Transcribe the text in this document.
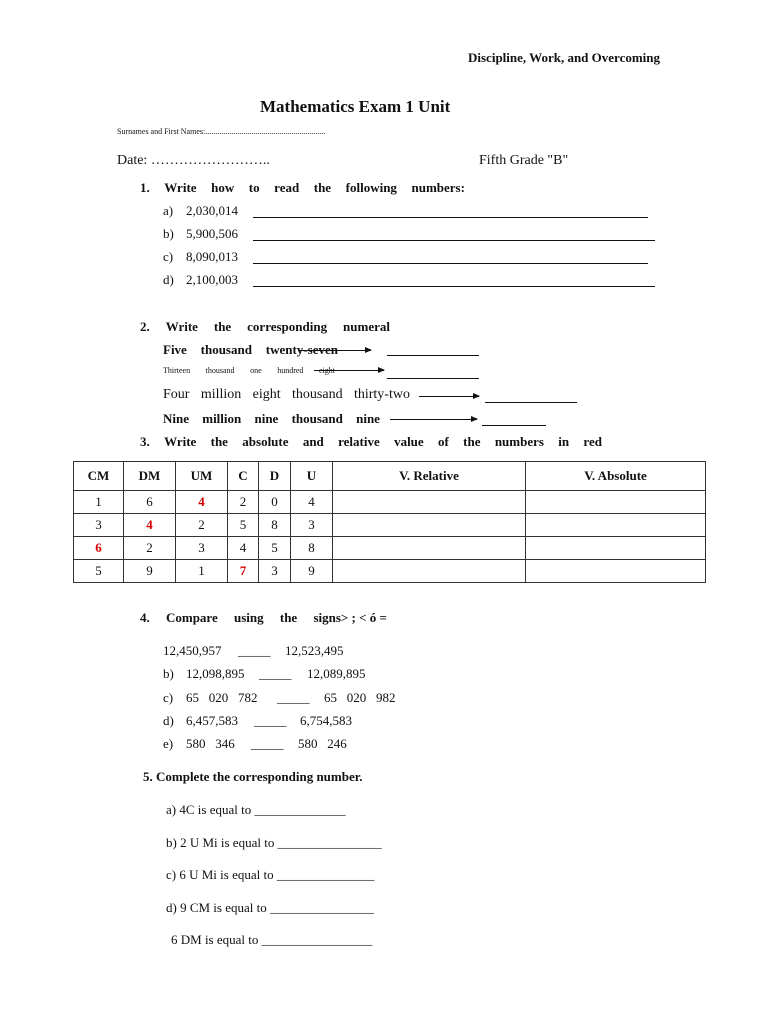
Discipline, Work, and Overcoming
Mathematics Exam 1 Unit
Surnames and First Names:............................................................
Date: ……………………..	Fifth Grade "B"
1. Write how to read the following numbers:
a) 2,030,014
b) 5,900,506
c) 8,090,013
d) 2,100,003
2. Write the corresponding numeral
Five thousand twenty-seven
Thirteen thousand one hundred eight
Four million eight thousand thirty-two
Nine million nine thousand nine
3. Write the absolute and relative value of the numbers in red
CM	DM	UM	C	D	U	V. Relative	V. Absolute
1	6	4	2	0	4		
3	4	2	5	8	3		
6	2	3	4	5	8		
5	9	1	7	3	9		
4. Compare using the signs> ; < ó =
12,450,957 _____ 12,523,495
b) 12,098,895 _____ 12,089,895
c) 65   020   782 _____ 65   020   982
d) 6,457,583 _____ 6,754,583
e) 580   346 _____ 580   246
5. Complete the corresponding number.
a) 4C is equal to ______________
b) 2 U Mi is equal to ________________
c) 6 U Mi is equal to _______________
d) 9 CM is equal to ________________
6 DM is equal to _________________
